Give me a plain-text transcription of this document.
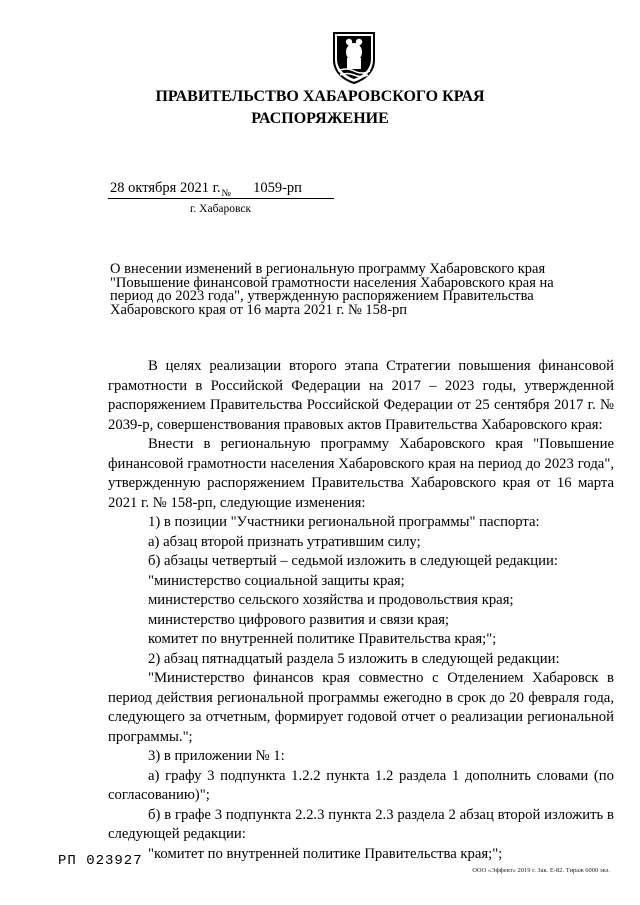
ПРАВИТЕЛЬСТВО ХАБАРОВСКОГО КРАЯ
РАСПОРЯЖЕНИЕ
28 октября 2021 $г._№$ 1059-рп
г. Хабаровск
О внесении изменений в региональную программу Хабаровского края
"Повышение финансовой грамотности населения Хабаровского края на
период до 2023 года", утвержденную распоряжением Правительства
Хабаровского края от 16 марта 2021 г. № 158-рп

В целях реализации второго этапа Стратегии повышения финансовой грамотности в Российской Федерации на 2017 – 2023 годы, утвержденной распоряжением Правительства Российской Федерации от 25 сентября 2017 г. № 2039-р, совершенствования правовых актов Правительства Хабаровского края:

Внести в региональную программу Хабаровского края "Повышение финансовой грамотности населения Хабаровского края на период до 2023 года", утвержденную распоряжением Правительства Хабаровского края от 16 марта 2021 г. № 158-рп, следующие изменения:

1) в позиции "Участники региональной программы" паспорта:

а) абзац второй признать утратившим силу;

б) абзацы четвертый – седьмой изложить в следующей редакции:

"министерство социальной защиты края;

министерство сельского хозяйства и продовольствия края;

министерство цифрового развития и связи края;

комитет по внутренней политике Правительства края;";

2) абзац пятнадцатый раздела 5 изложить в следующей редакции:

"Министерство финансов края совместно с Отделением Хабаровск в период действия региональной программы ежегодно в срок до 20 февраля года, следующего за отчетным, формирует годовой отчет о реализации региональной программы.";

3) в приложении № 1:

а) графу 3 подпункта 1.2.2 пункта 1.2 раздела 1 дополнить словами (по согласованию)";

б) в графе 3 подпункта 2.2.3 пункта 2.3 раздела 2 абзац второй изложить в следующей редакции:

"комитет по внутренней политике Правительства края;";

РП 023927
ООО «Эффект» 2019 г. Зак. Е-82. Тираж 6000 экз.
